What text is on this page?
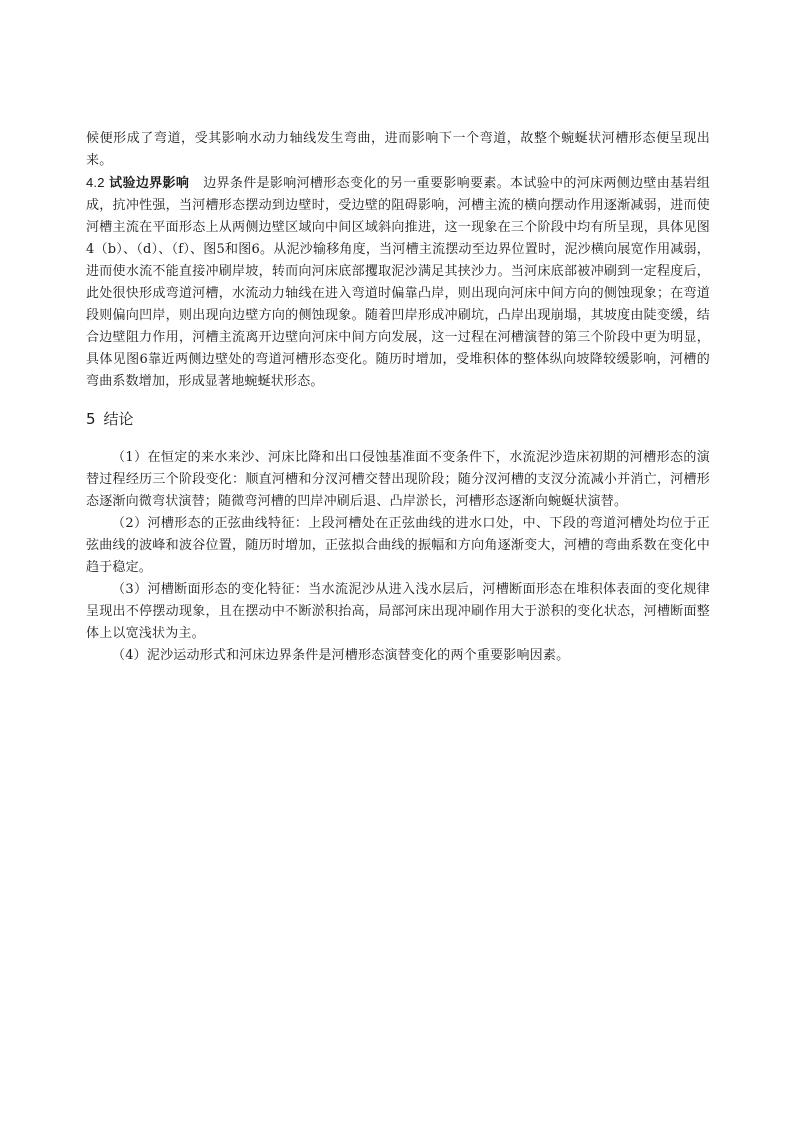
候便形成了弯道，受其影响水动力轴线发生弯曲，进而影响下一个弯道，故整个蜿蜒状河槽形态便呈现出来。

4.2 试验边界影响 边界条件是影响河槽形态变化的另一重要影响要素。本试验中的河床两侧边壁由基岩组成，抗冲性强，当河槽形态摆动到边壁时，受边壁的阻碍影响，河槽主流的横向摆动作用逐渐减弱，进而使河槽主流在平面形态上从两侧边壁区域向中间区域斜向推进，这一现象在三个阶段中均有所呈现，具体见图4（b）、（d）、（f）、图5和图6。从泥沙输移角度，当河槽主流摆动至边界位置时，泥沙横向展宽作用减弱，进而使水流不能直接冲刷岸坡，转而向河床底部攫取泥沙满足其挟沙力。当河床底部被冲刷到一定程度后，此处很快形成弯道河槽，水流动力轴线在进入弯道时偏靠凸岸，则出现向河床中间方向的侧蚀现象；在弯道段则偏向凹岸，则出现向边壁方向的侧蚀现象。随着凹岸形成冲刷坑，凸岸出现崩塌，其坡度由陡变缓，结合边壁阻力作用，河槽主流离开边壁向河床中间方向发展，这一过程在河槽演替的第三个阶段中更为明显，具体见图6靠近两侧边壁处的弯道河槽形态变化。随历时增加，受堆积体的整体纵向坡降较缓影响，河槽的弯曲系数增加，形成显著地蜿蜒状形态。

5 结论

（1）在恒定的来水来沙、河床比降和出口侵蚀基准面不变条件下，水流泥沙造床初期的河槽形态的演替过程经历三个阶段变化：顺直河槽和分汊河槽交替出现阶段；随分汊河槽的支汊分流减小并消亡，河槽形态逐渐向微弯状演替；随微弯河槽的凹岸冲刷后退、凸岸淤长，河槽形态逐渐向蜿蜒状演替。

（2）河槽形态的正弦曲线特征：上段河槽处在正弦曲线的进水口处，中、下段的弯道河槽处均位于正弦曲线的波峰和波谷位置，随历时增加，正弦拟合曲线的振幅和方向角逐渐变大，河槽的弯曲系数在变化中趋于稳定。

（3）河槽断面形态的变化特征：当水流泥沙从进入浅水层后，河槽断面形态在堆积体表面的变化规律呈现出不停摆动现象，且在摆动中不断淤积抬高，局部河床出现冲刷作用大于淤积的变化状态，河槽断面整体上以宽浅状为主。

（4）泥沙运动形式和河床边界条件是河槽形态演替变化的两个重要影响因素。
